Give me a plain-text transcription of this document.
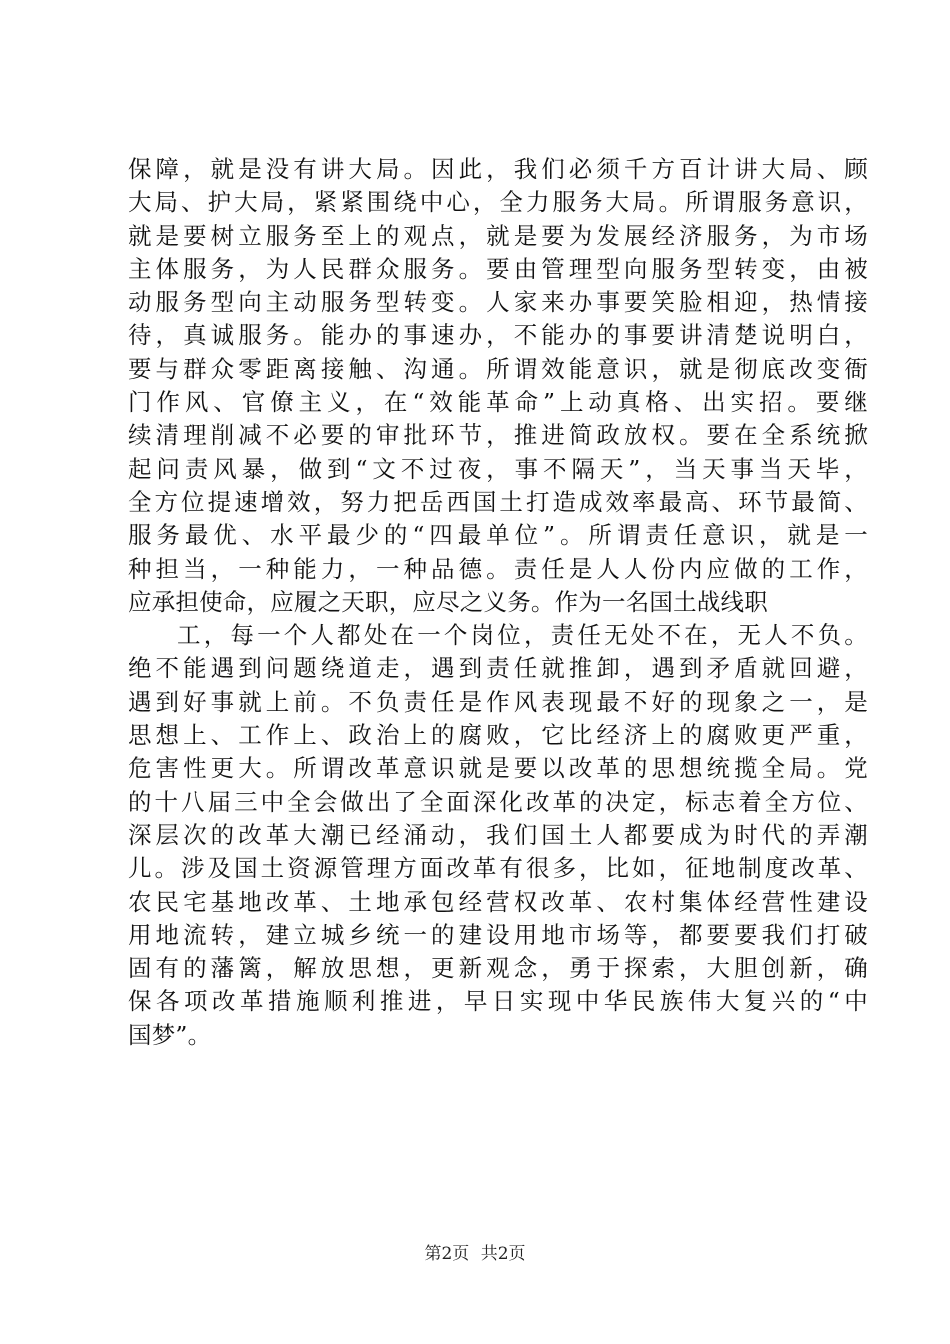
保障，就是没有讲大局。因此，我们必须千方百计讲大局、顾
大局、护大局，紧紧围绕中心，全力服务大局。所谓服务意识，
就是要树立服务至上的观点，就是要为发展经济服务，为市场
主体服务，为人民群众服务。要由管理型向服务型转变，由被
动服务型向主动服务型转变。人家来办事要笑脸相迎，热情接
待，真诚服务。能办的事速办，不能办的事要讲清楚说明白，
要与群众零距离接触、沟通。所谓效能意识，就是彻底改变衙
门作风、官僚主义，在“效能革命”上动真格、出实招。要继
续清理削减不必要的审批环节，推进简政放权。要在全系统掀
起问责风暴，做到“文不过夜，事不隔天”，当天事当天毕，
全方位提速增效，努力把岳西国土打造成效率最高、环节最简、
服务最优、水平最少的“四最单位”。所谓责任意识，就是一
种担当，一种能力，一种品德。责任是人人份内应做的工作，
应承担使命，应履之天职，应尽之义务。作为一名国土战线职
工，每一个人都处在一个岗位，责任无处不在，无人不负。
绝不能遇到问题绕道走，遇到责任就推卸，遇到矛盾就回避，
遇到好事就上前。不负责任是作风表现最不好的现象之一，是
思想上、工作上、政治上的腐败，它比经济上的腐败更严重，
危害性更大。所谓改革意识就是要以改革的思想统揽全局。党
的十八届三中全会做出了全面深化改革的决定，标志着全方位、
深层次的改革大潮已经涌动，我们国土人都要成为时代的弄潮
儿。涉及国土资源管理方面改革有很多，比如，征地制度改革、
农民宅基地改革、土地承包经营权改革、农村集体经营性建设
用地流转，建立城乡统一的建设用地市场等，都要要我们打破
固有的藩篱，解放思想，更新观念，勇于探索，大胆创新，确
保各项改革措施顺利推进，早日实现中华民族伟大复兴的“中
国梦”。
第2页 共2页
